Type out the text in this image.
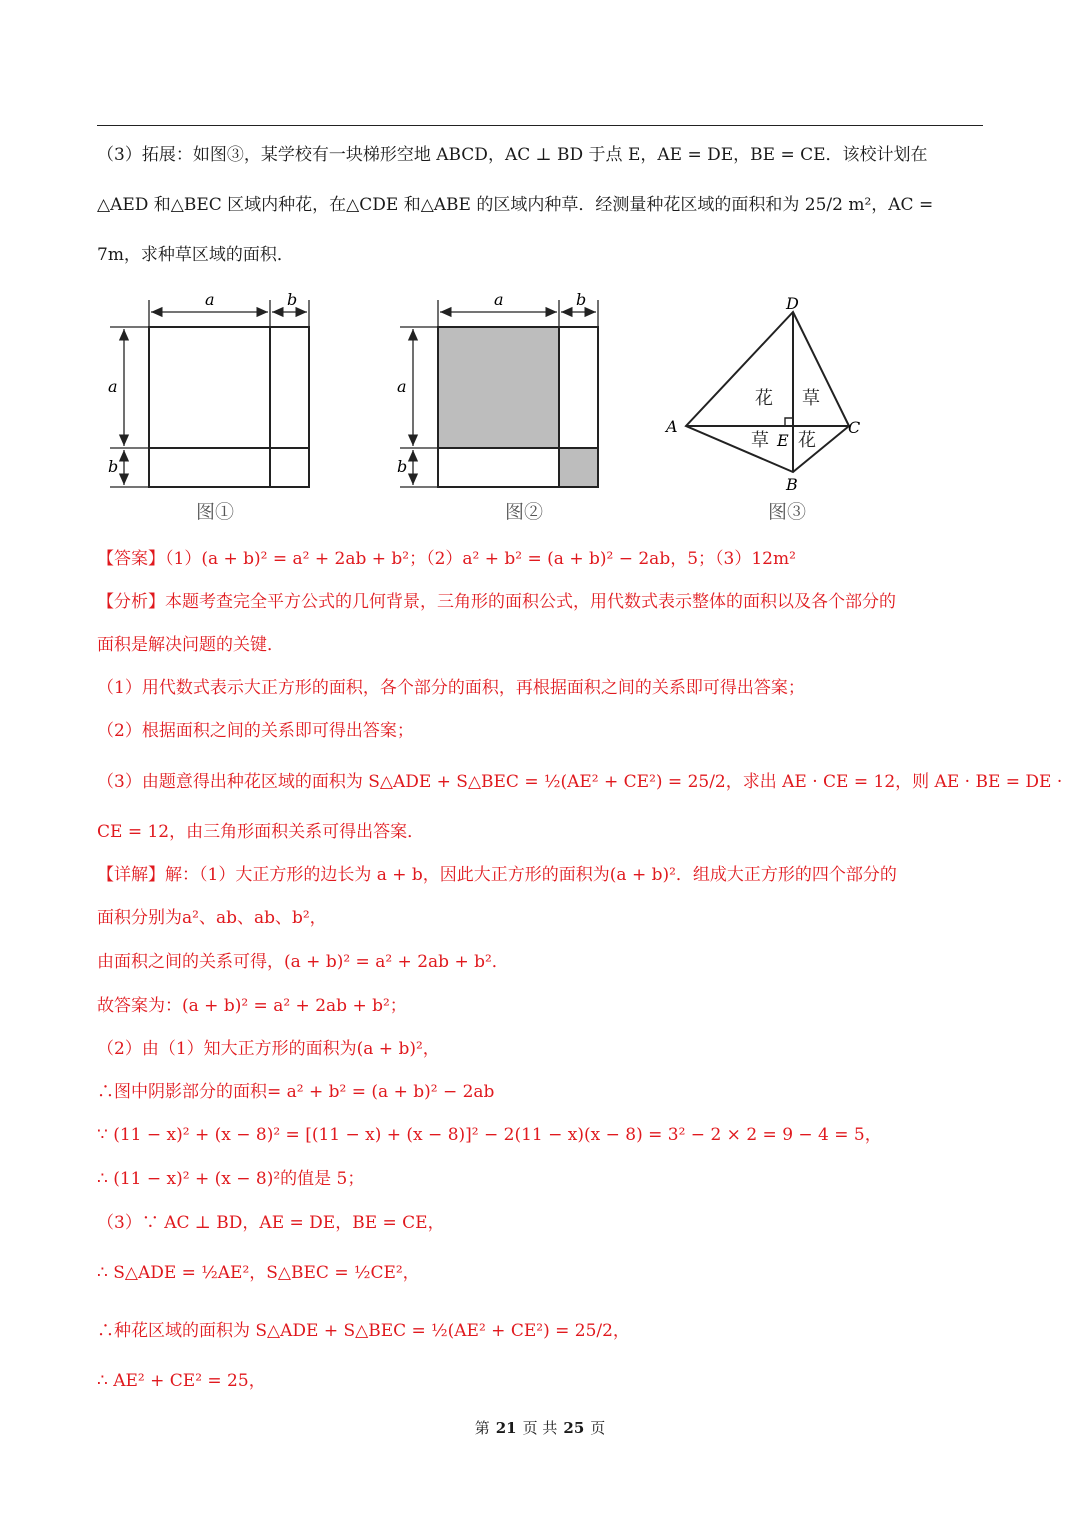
（3）拓展：如图③，某学校有一块梯形空地 ABCD，AC ⊥ BD 于点 E，AE = DE，BE = CE．该校计划在
△AED 和△BEC 区域内种花，在△CDE 和△ABE 的区域内种草．经测量种花区域的面积和为 25/2 m²，AC =
7m，求种草区域的面积．
a	b
a
b
a	b
a
b
D
A	C
B
E
花 草
草 花
图①	图②	图③
【答案】（1）(a + b)² = a² + 2ab + b²；（2）a² + b² = (a + b)² − 2ab，5；（3）12m²
【分析】本题考查完全平方公式的几何背景，三角形的面积公式，用代数式表示整体的面积以及各个部分的
面积是解决问题的关键．
（1）用代数式表示大正方形的面积，各个部分的面积，再根据面积之间的关系即可得出答案；
（2）根据面积之间的关系即可得出答案；
（3）由题意得出种花区域的面积为 S△ADE + S△BEC = ½(AE² + CE²) = 25/2，求出 AE · CE = 12，则 AE · BE = DE ·
CE = 12，由三角形面积关系可得出答案．
【详解】解：（1）大正方形的边长为 a + b，因此大正方形的面积为(a + b)²．组成大正方形的四个部分的
面积分别为a²、ab、ab、b²，
由面积之间的关系可得，(a + b)² = a² + 2ab + b²．
故答案为：(a + b)² = a² + 2ab + b²；
（2）由（1）知大正方形的面积为(a + b)²，
∴图中阴影部分的面积= a² + b² = (a + b)² − 2ab
∵ (11 − x)² + (x − 8)² = [(11 − x) + (x − 8)]² − 2(11 − x)(x − 8) = 3² − 2 × 2 = 9 − 4 = 5，
∴ (11 − x)² + (x − 8)²的值是 5；
（3）∵ AC ⊥ BD，AE = DE，BE = CE，
∴ S△ADE = ½AE²，S△BEC = ½CE²，
∴种花区域的面积为 S△ADE + S△BEC = ½(AE² + CE²) = 25/2，
∴ AE² + CE² = 25，
第 21 页 共 25 页
